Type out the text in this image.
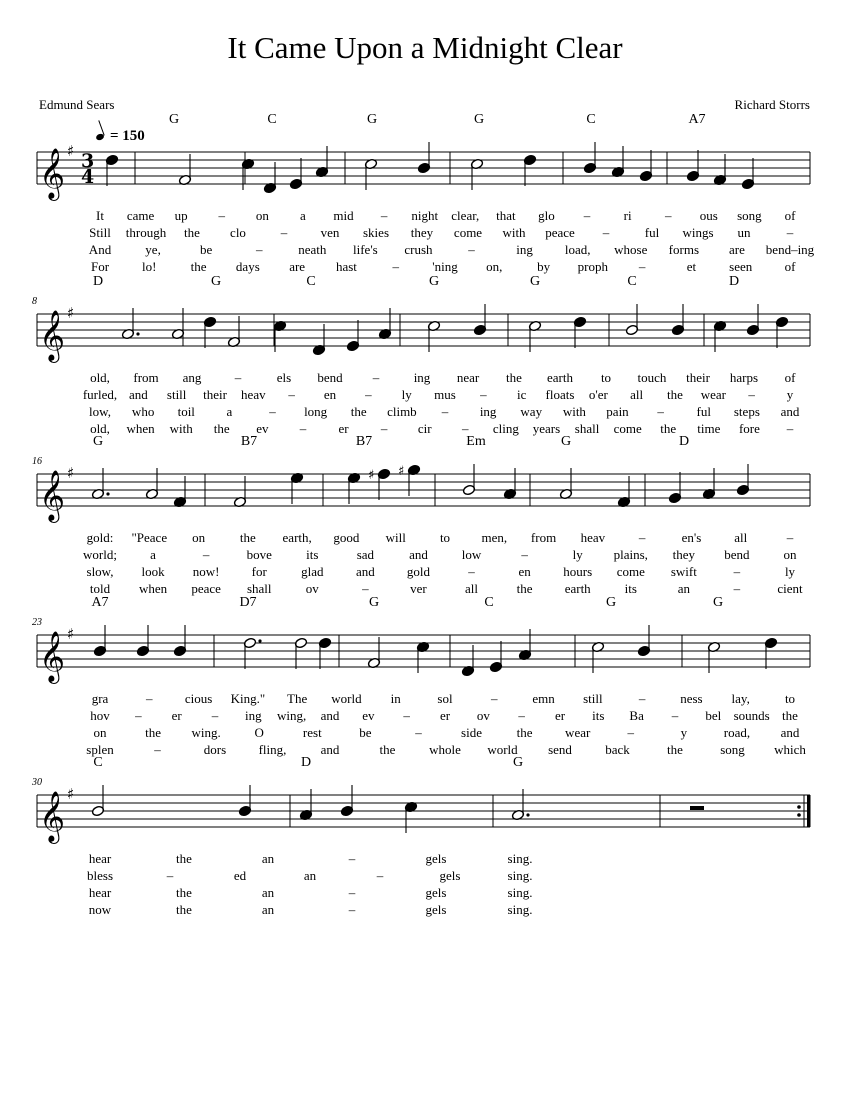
It Came Upon a Midnight Clear
Edmund Sears	Richard Storrs
= 150
𝄞 ♯ 3
4
G	C	G	G	C	A7
It came up – on a mid – night clear, that glo –	ri	– ous song of
Still through the clo	–	ven skies they come with peace –	ful wings un	–
And	ye,	be	–	neath life's crush	–	ing load, whose forms are bend–ing
For	lo!	the days are hast	–	'ning on,	by proph –	et	seen of
𝄞 ♯
8
D	G	C	G	G	C	D
old, from ang	–	els bend –	ing near the earth to touch their harps of
furled, and still their heav – en – ly mus – ic floats o'er all the wear – y
low, who toil a	– long the climb – ing way with pain –	ful steps and
old, when with the ev – er – cir – cling years shall come the time fore –
𝄞 ♯	♯ ♯
16
G	B7	B7	Em	G	D
gold: "Peace on	the earth, good will	to men, from heav	–	en's	all	–
world;	a	–	bove	its	sad	and	low	–	ly plains, they bend	on
slow, look now! for	glad and gold	–	en hours come swift	–	ly
told when peace shall	ov	–	ver	all	the earth	its	an	–	cient
𝄞 ♯
23
A7	D7	G	C	G	G
gra	– cious King." The world in	sol	–	emn still	–	ness lay,	to
hov – er – ing wing, and ev – er ov – er its Ba – bel sounds the
on	the wing.	O	rest	be	–	side	the	wear	–	y	road, and
splen	–	dors fling,	and	the	whole world send	back	the	song which
𝄞 ♯
30
C	D	G
hear	the	an	–	gels	sing.
bless	–	ed	an	–	gels	sing.
hear	the	an	–	gels	sing.
now	the	an	–	gels	sing.
